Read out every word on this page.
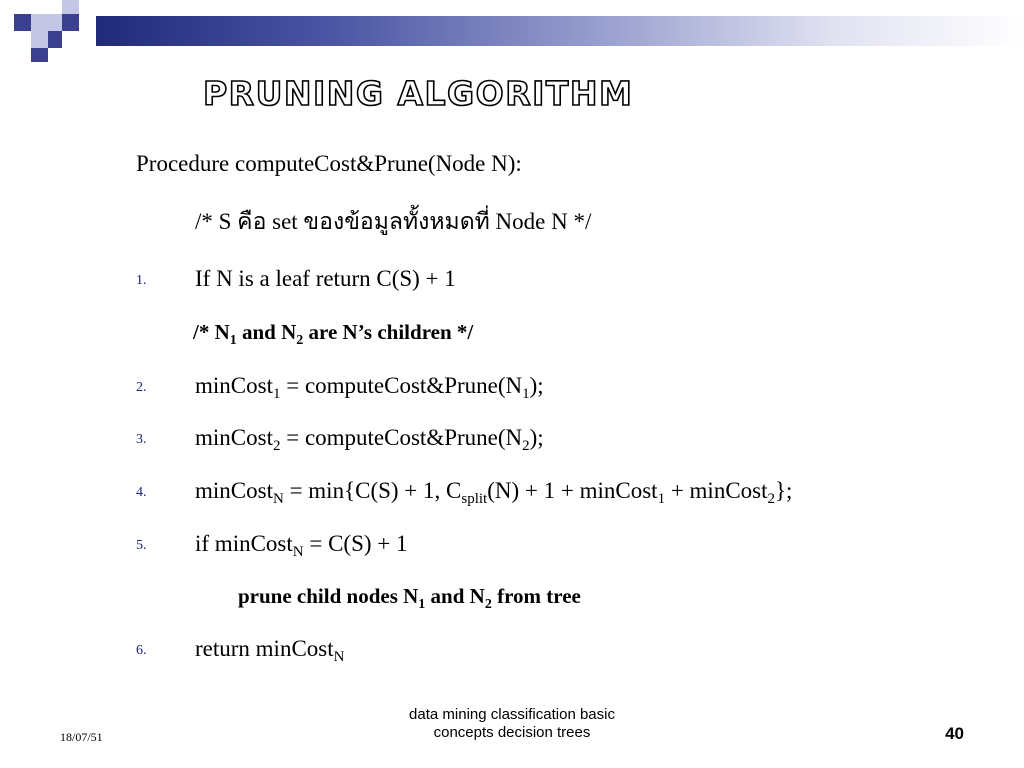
PRUNING ALGORITHM
Procedure computeCost&Prune(Node N):
/* S คือ set ของข้อมูลทั้งหมดที่ Node N */
1. If N is a leaf return C(S) + 1
/* $N_1$ and $N_2$ are N’s children */
2. minCost$_1$ = $computeCost\&Prune(N_1)$;
3. minCost$_2$ = $computeCost\&Prune(N_2)$;
4. minCost$_N$ = min{C(S) + 1, $C_{split}(N) + 1$ + minCost$_1$ + minCost$_2$};
5. if minCost$_N$ = C(S) + 1
prune child nodes $N_1$ and $N_2$ from tree
6. return minCost$_N$
18/07/51
data mining classification basic
concepts decision trees	40
